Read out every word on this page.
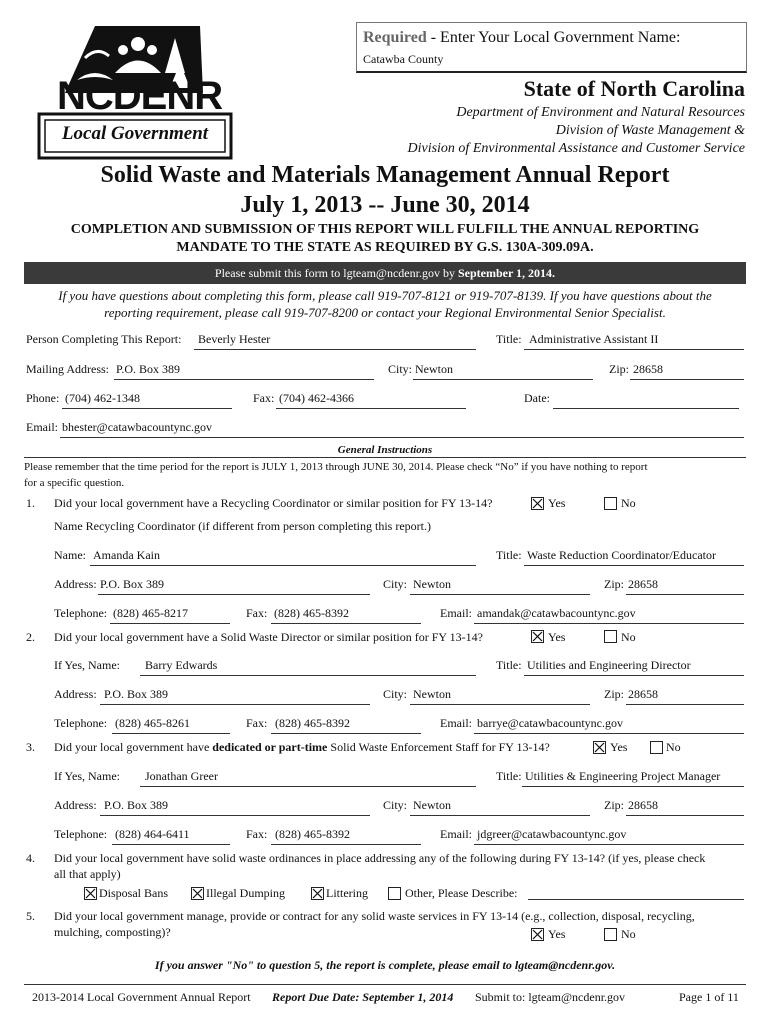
NCDENR
Local Government
Required - Enter Your Local Government Name:
Catawba County
State of North Carolina
Department of Environment and Natural Resources
Division of Waste Management &
Division of Environmental Assistance and Customer Service
Solid Waste and Materials Management Annual Report
July 1, 2013 -- June 30, 2014
COMPLETION AND SUBMISSION OF THIS REPORT WILL FULFILL THE ANNUAL REPORTING
MANDATE TO THE STATE AS REQUIRED BY G.S. 130A-309.09A.
Please submit this form to lgteam@ncdenr.gov by September 1, 2014.
If you have questions about completing this form, please call 919-707-8121 or 919-707-8139. If you have questions about the
reporting requirement, please call 919-707-8200 or contact your Regional Environmental Senior Specialist.
Person Completing This Report: Beverly Hester	Title: Administrative Assistant II
Mailing Address: P.O. Box 389	City: Newton	Zip: 28658
Phone: (704) 462-1348	Fax: (704) 462-4366	Date:
Email: bhester@catawbacountync.gov
General Instructions
Please remember that the time period for the report is JULY 1, 2013 through JUNE 30, 2014. Please check “No” if you have nothing to report
for a specific question.
1. Did your local government have a Recycling Coordinator or similar position for FY 13-14?	Yes	No
Name Recycling Coordinator (if different from person completing this report.)
Name: Amanda Kain	Title: Waste Reduction Coordinator/Educator
Address: P.O. Box 389	City: Newton	Zip: 28658
Telephone: (828) 465-8217	Fax: (828) 465-8392	Email: amandak@catawbacountync.gov
2. Did your local government have a Solid Waste Director or similar position for FY 13-14?	Yes	No
If Yes, Name: Barry Edwards	Title: Utilities and Engineering Director
Address: P.O. Box 389	City: Newton	Zip: 28658
Telephone: (828) 465-8261	Fax: (828) 465-8392	Email: barrye@catawbacountync.gov
3. Did your local government have dedicated or part-time Solid Waste Enforcement Staff for FY 13-14?	Yes	No
If Yes, Name: Jonathan Greer	Title: Utilities & Engineering Project Manager
Address: P.O. Box 389	City: Newton	Zip: 28658
Telephone: (828) 464-6411	Fax: (828) 465-8392	Email: jdgreer@catawbacountync.gov
4. Did your local government have solid waste ordinances in place addressing any of the following during FY 13-14? (if yes, please check
all that apply)
Disposal Bans	Illegal Dumping	Littering	Other, Please Describe:
5. Did your local government manage, provide or contract for any solid waste services in FY 13-14 (e.g., collection, disposal, recycling,
mulching, composting)?	Yes	No
If you answer "No" to question 5, the report is complete, please email to lgteam@ncdenr.gov.
2013-2014 Local Government Annual Report Report Due Date: September 1, 2014 Submit to: lgteam@ncdenr.gov	Page 1 of 11
